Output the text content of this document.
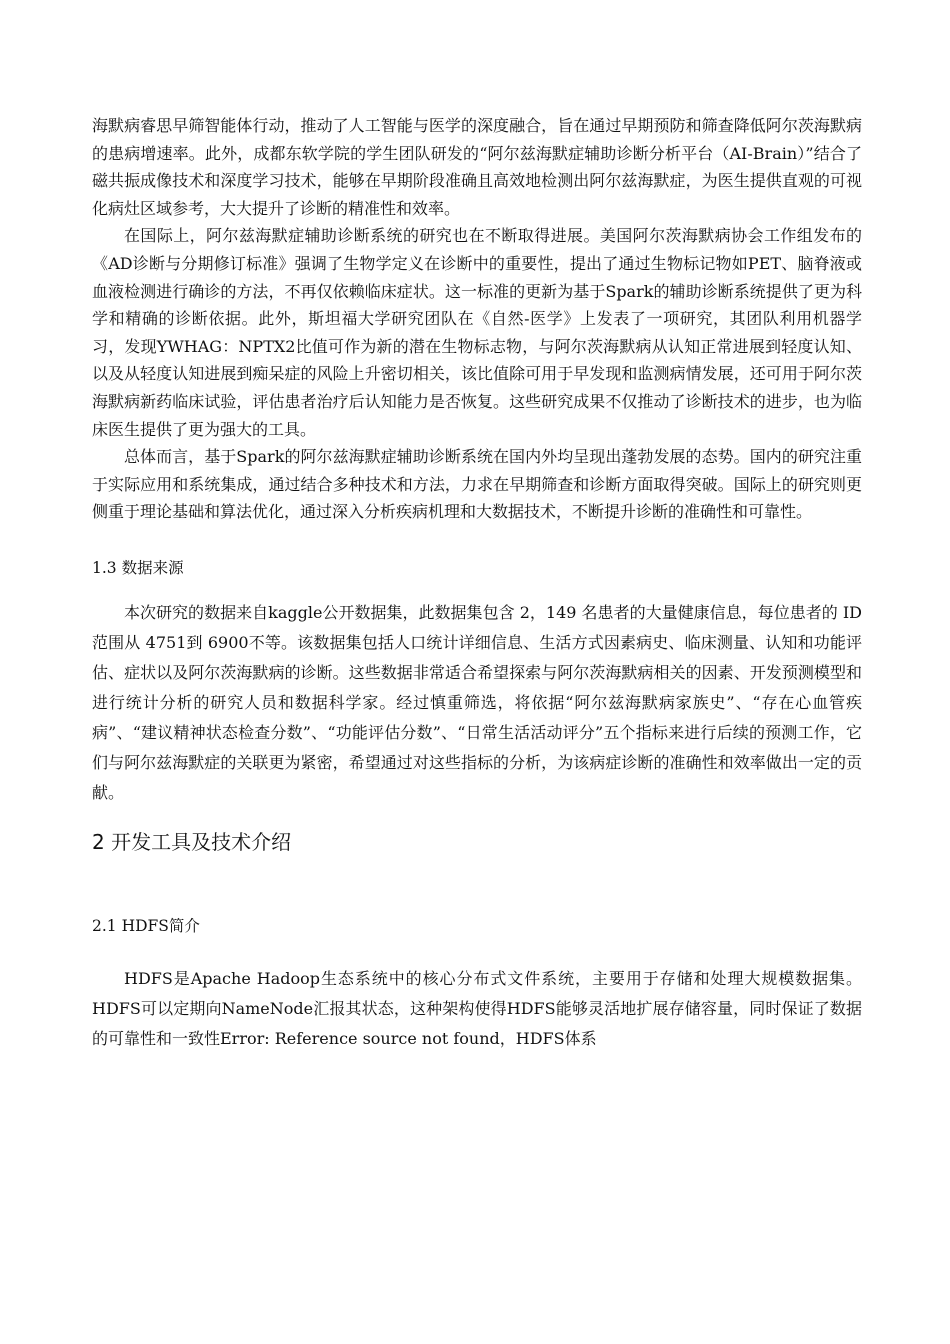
海默病睿思早筛智能体行动，推动了人工智能与医学的深度融合，旨在通过早期预防和筛查降低阿尔茨海默病的患病增速率。此外，成都东软学院的学生团队研发的“阿尔兹海默症辅助诊断分析平台（AI-Brain）”结合了磁共振成像技术和深度学习技术，能够在早期阶段准确且高效地检测出阿尔兹海默症，为医生提供直观的可视化病灶区域参考，大大提升了诊断的精准性和效率。

在国际上，阿尔兹海默症辅助诊断系统的研究也在不断取得进展。美国阿尔茨海默病协会工作组发布的《AD诊断与分期修订标准》强调了生物学定义在诊断中的重要性，提出了通过生物标记物如PET、脑脊液或血液检测进行确诊的方法，不再仅依赖临床症状。这一标准的更新为基于Spark的辅助诊断系统提供了更为科学和精确的诊断依据。此外，斯坦福大学研究团队在《自然-医学》上发表了一项研究，其团队利用机器学习，发现YWHAG：NPTX2比值可作为新的潜在生物标志物，与阿尔茨海默病从认知正常进展到轻度认知、以及从轻度认知进展到痴呆症的风险上升密切相关，该比值除可用于早发现和监测病情发展，还可用于阿尔茨海默病新药临床试验，评估患者治疗后认知能力是否恢复。这些研究成果不仅推动了诊断技术的进步，也为临床医生提供了更为强大的工具。

总体而言，基于Spark的阿尔兹海默症辅助诊断系统在国内外均呈现出蓬勃发展的态势。国内的研究注重于实际应用和系统集成，通过结合多种技术和方法，力求在早期筛查和诊断方面取得突破。国际上的研究则更侧重于理论基础和算法优化，通过深入分析疾病机理和大数据技术，不断提升诊断的准确性和可靠性。

1.3 数据来源

本次研究的数据来自kaggle公开数据集，此数据集包含 2，149 名患者的大量健康信息，每位患者的 ID范围从 4751到 6900不等。该数据集包括人口统计详细信息、生活方式因素病史、临床测量、认知和功能评估、症状以及阿尔茨海默病的诊断。这些数据非常适合希望探索与阿尔茨海默病相关的因素、开发预测模型和进行统计分析的研究人员和数据科学家。经过慎重筛选，将依据“阿尔兹海默病家族史”、“存在心血管疾病”、“建议精神状态检查分数”、“功能评估分数”、“日常生活活动评分”五个指标来进行后续的预测工作，它们与阿尔兹海默症的关联更为紧密，希望通过对这些指标的分析，为该病症诊断的准确性和效率做出一定的贡献。

2 开发工具及技术介绍
2.1 HDFS简介

HDFS是Apache Hadoop生态系统中的核心分布式文件系统，主要用于存储和处理大规模数据集。HDFS可以定期向NameNode汇报其状态，这种架构使得HDFS能够灵活地扩展存储容量，同时保证了数据的可靠性和一致性Error: Reference source not found，HDFS体系
